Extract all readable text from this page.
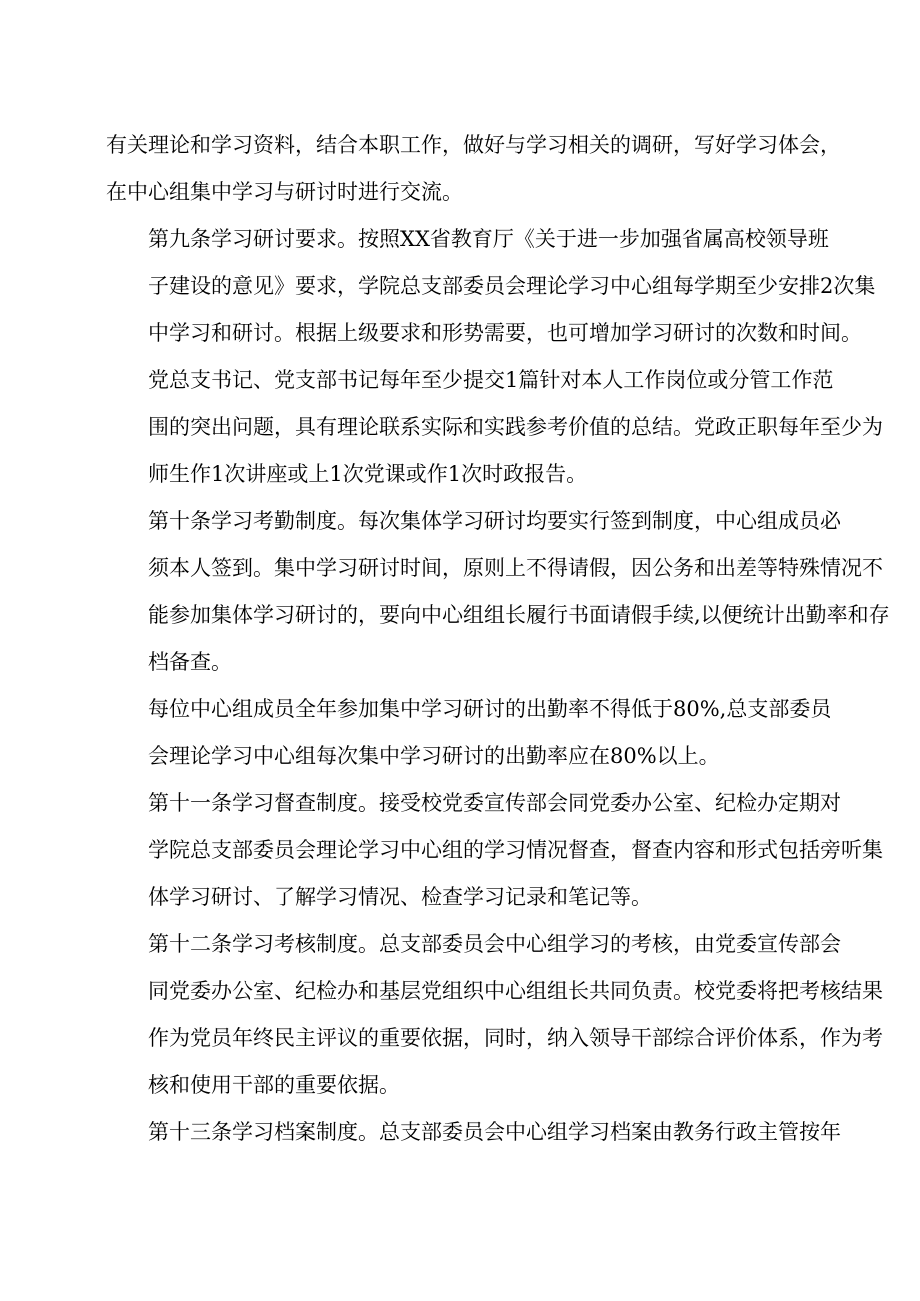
有关理论和学习资料，结合本职工作，做好与学习相关的调研，写好学习体会，
在中心组集中学习与研讨时进行交流。

第九条学习研讨要求。按照XX省教育厅《关于进一步加强省属高校领导班
子建设的意见》要求，学院总支部委员会理论学习中心组每学期至少安排2次集
中学习和研讨。根据上级要求和形势需要，也可增加学习研讨的次数和时间。

党总支书记、党支部书记每年至少提交1篇针对本人工作岗位或分管工作范
围的突出问题，具有理论联系实际和实践参考价值的总结。党政正职每年至少为
师生作1次讲座或上1次党课或作1次时政报告。

第十条学习考勤制度。每次集体学习研讨均要实行签到制度，中心组成员必
须本人签到。集中学习研讨时间，原则上不得请假，因公务和出差等特殊情况不
能参加集体学习研讨的，要向中心组组长履行书面请假手续,以便统计出勤率和存
档备查。

每位中心组成员全年参加集中学习研讨的出勤率不得低于80%,总支部委员
会理论学习中心组每次集中学习研讨的出勤率应在80%以上。

第十一条学习督查制度。接受校党委宣传部会同党委办公室、纪检办定期对
学院总支部委员会理论学习中心组的学习情况督查，督查内容和形式包括旁听集
体学习研讨、了解学习情况、检查学习记录和笔记等。

第十二条学习考核制度。总支部委员会中心组学习的考核，由党委宣传部会
同党委办公室、纪检办和基层党组织中心组组长共同负责。校党委将把考核结果
作为党员年终民主评议的重要依据，同时，纳入领导干部综合评价体系，作为考
核和使用干部的重要依据。

第十三条学习档案制度。总支部委员会中心组学习档案由教务行政主管按年
